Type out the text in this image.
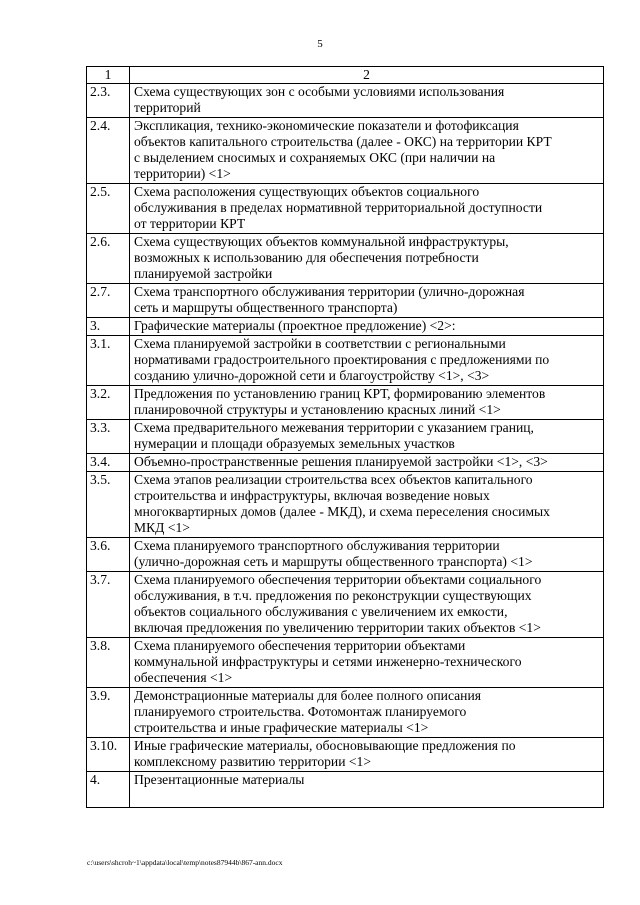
5
1	2
2.3.	Схема существующих зон с особыми условиями использования
территорий
2.4.	Экспликация, технико-экономические показатели и фотофиксация
объектов капитального строительства (далее - ОКС) на территории КРТ
с выделением сносимых и сохраняемых ОКС (при наличии на
территории) <1>
2.5.	Схема расположения существующих объектов социального
обслуживания в пределах нормативной территориальной доступности
от территории КРТ
2.6.	Схема существующих объектов коммунальной инфраструктуры,
возможных к использованию для обеспечения потребности
планируемой застройки
2.7.	Схема транспортного обслуживания территории (улично-дорожная
сеть и маршруты общественного транспорта)
3.	Графические материалы (проектное предложение) <2>:
3.1.	Схема планируемой застройки в соответствии с региональными
нормативами градостроительного проектирования с предложениями по
созданию улично-дорожной сети и благоустройству <1>, <3>
3.2.	Предложения по установлению границ КРТ, формированию элементов
планировочной структуры и установлению красных линий <1>
3.3.	Схема предварительного межевания территории с указанием границ,
нумерации и площади образуемых земельных участков
3.4.	Объемно-пространственные решения планируемой застройки <1>, <3>
3.5.	Схема этапов реализации строительства всех объектов капитального
строительства и инфраструктуры, включая возведение новых
многоквартирных домов (далее - МКД), и схема переселения сносимых
МКД <1>
3.6.	Схема планируемого транспортного обслуживания территории
(улично-дорожная сеть и маршруты общественного транспорта) <1>
3.7.	Схема планируемого обеспечения территории объектами социального
обслуживания, в т.ч. предложения по реконструкции существующих
объектов социального обслуживания с увеличением их емкости,
включая предложения по увеличению территории таких объектов <1>
3.8.	Схема планируемого обеспечения территории объектами
коммунальной инфраструктуры и сетями инженерно-технического
обеспечения <1>
3.9.	Демонстрационные материалы для более полного описания
планируемого строительства. Фотомонтаж планируемого
строительства и иные графические материалы <1>
3.10.	Иные графические материалы, обосновывающие предложения по
комплексному развитию территории <1>
4.	Презентационные материалы
c:\users\shcroh~1\appdata\local\temp\notes87944b\867-ann.docx
